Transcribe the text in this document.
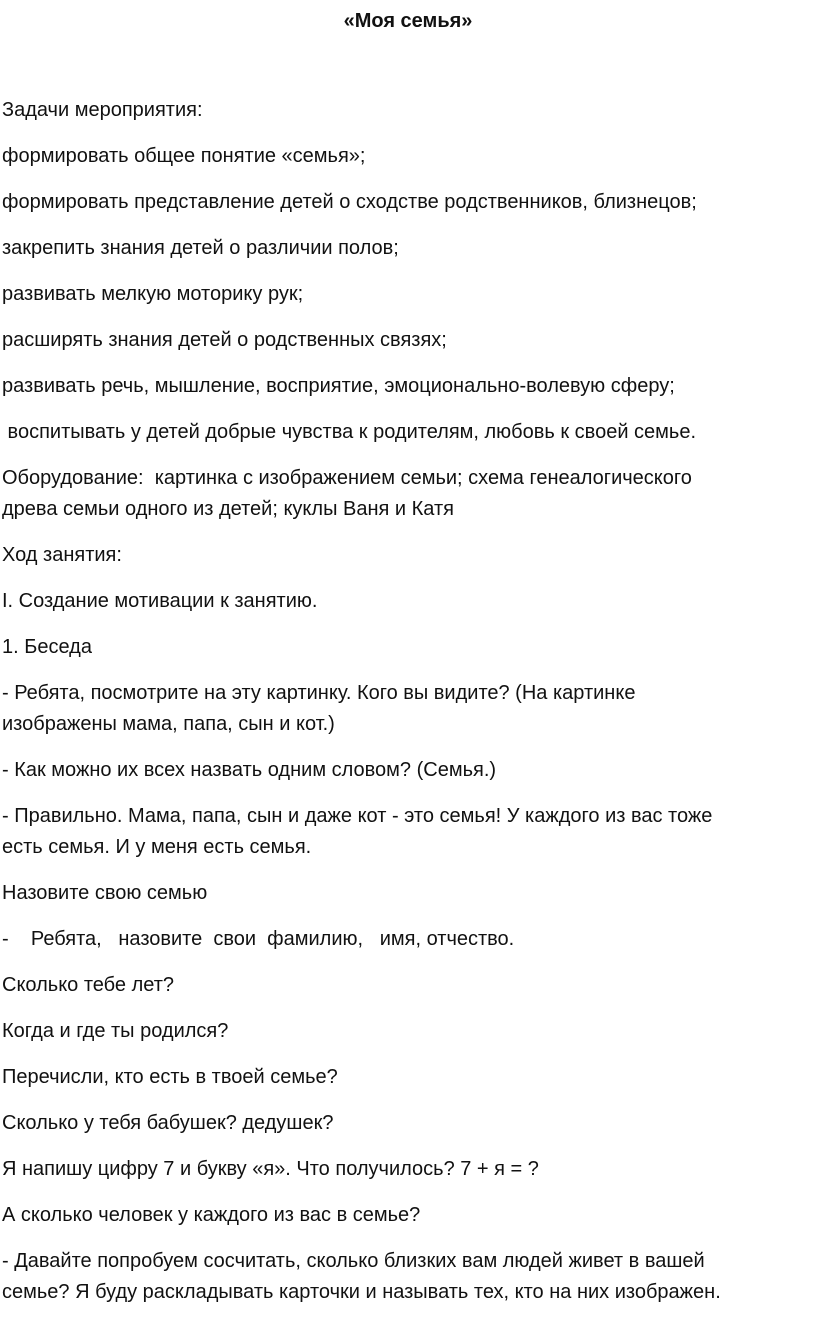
«Моя семья»
Задачи мероприятия:
формировать общее понятие «семья»;
формировать представление детей о сходстве родственников, близнецов;
закрепить знания детей о различии полов;
развивать мелкую моторику рук;
расширять знания детей о родственных связях;
развивать речь, мышление, восприятие, эмоционально-волевую сферу;
воспитывать у детей добрые чувства к родителям, любовь к своей семье.
Оборудование:  картинка с изображением семьи; схема генеалогического
древа семьи одного из детей; куклы Ваня и Катя
Ход занятия:
I. Создание мотивации к занятию.
1. Беседа
- Ребята, посмотрите на эту картинку. Кого вы видите? (На картинке
изображены мама, папа, сын и кот.)
- Как можно их всех назвать одним словом? (Семья.)
- Правильно. Мама, папа, сын и даже кот - это семья! У каждого из вас тоже
есть семья. И у меня есть семья.
Назовите свою семью
-    Ребята,   назовите  свои  фамилию,   имя, отчество.
Сколько тебе лет?
Когда и где ты родился?
Перечисли, кто есть в твоей семье?
Сколько у тебя бабушек? дедушек?
Я напишу цифру 7 и букву «я». Что получилось? 7 + я = ?
А сколько человек у каждого из вас в семье?
- Давайте попробуем сосчитать, сколько близких вам людей живет в вашей
семье? Я буду раскладывать карточки и называть тех, кто на них изображен.
